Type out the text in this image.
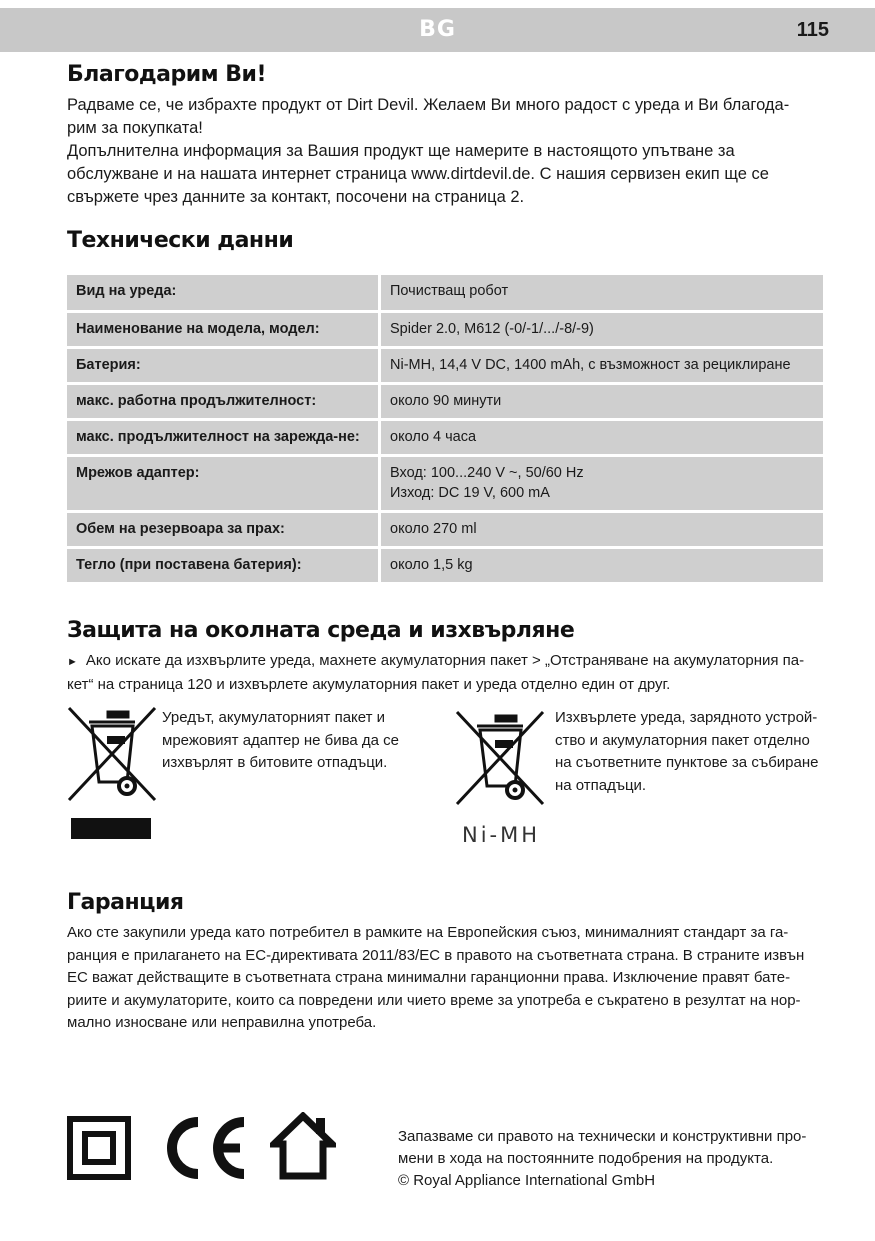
BG	115
Благодарим Ви!
Радваме се, че избрахте продукт от Dirt Devil. Желаем Ви много радост с уреда и Ви благода-
рим за покупката!
Допълнителна информация за Вашия продукт ще намерите в настоящото упътване за
обслужване и на нашата интернет страница www.dirtdevil.de. С нашия сервизен екип ще се
свържете чрез данните за контакт, посочени на страница 2.
Технически данни
Вид на уреда:	Почистващ робот
Наименование на модела, модел:	Spider 2.0, M612 (-0/-1/.../-8/-9)
Батерия:	Ni-MH, 14,4 V DC, 1400 mAh, с възможност за рециклиране
макс. работна продължителност:	около 90 минути
макс. продължителност на зарежда-не:	около 4 часа
Мрежов адаптер:	Вход: 100...240 V ~, 50/60 Hz
Изход: DC 19 V, 600 mA

Обем на резервоара за прах:	около 270 ml
Тегло (при поставена батерия):	около 1,5 kg
Защита на околната среда и изхвърляне
► Ако искате да изхвърлите уреда, махнете акумулаторния пакет > „Отстраняване на акумулаторния па-
кет“ на страница 120 и изхвърлете акумулаторния пакет и уреда отделно един от друг.
Уредът, акумулаторният пакет и
мрежовият адаптер не бива да се
изхвърлят в битовите отпадъци.
Изхвърлете уреда, зарядното устрой-
ство и акумулаторния пакет отделно
на съответните пунктове за събиране
на отпадъци.
Ni-MH
Гаранция
Ако сте закупили уреда като потребител в рамките на Европейския съюз, минималният стандарт за га-
ранция е прилагането на ЕС-директивата 2011/83/ЕС в правото на съответната страна. В страните извън
ЕС важат действащите в съответната страна минимални гаранционни права. Изключение правят бате-
риите и акумулаторите, които са повредени или чието време за употреба е съкратено в резултат на нор-
мално износване или неправилна употреба.
Запазваме си правото на технически и конструктивни про-
мени в хода на постоянните подобрения на продукта.
© Royal Appliance International GmbH
